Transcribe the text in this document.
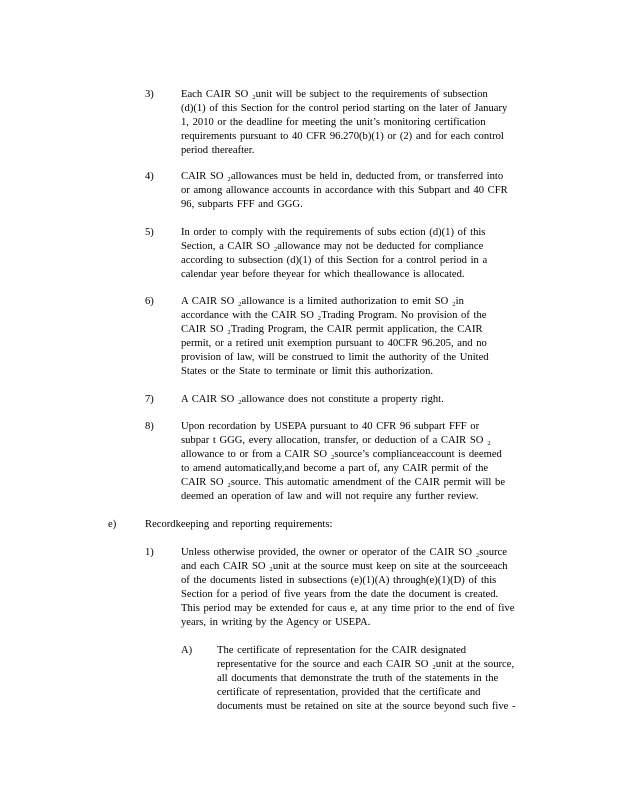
3)	Each CAIR SO ₂unit will be subject to the requirements of subsection
(d)(1) of this Section for the control period starting on the later of January
1, 2010 or the deadline for meeting the unit’s monitoring certification
requirements pursuant to 40 CFR 96.270(b)(1) or (2) and for each control
period thereafter.
4)	CAIR SO ₂allowances must be held in, deducted from, or transferred into
or among allowance accounts in accordance with this Subpart and 40 CFR
96, subparts FFF and GGG.
5)	In order to comply with the requirements of subs ection (d)(1) of this
Section, a CAIR SO ₂allowance may not be deducted for compliance
according to subsection (d)(1) of this Section for a control period in a
calendar year before theyear for which theallowance is allocated.
6)	A CAIR SO ₂allowance is a limited authorization to emit SO ₂in
accordance with the CAIR SO ₂Trading Program. No provision of the
CAIR SO ₂Trading Program, the CAIR permit application, the CAIR
permit, or a retired unit exemption pursuant to 40CFR 96.205, and no
provision of law, will be construed to limit the authority of the United
States or the State to terminate or limit this authorization.
7)	A CAIR SO ₂allowance does not constitute a property right.
8)	Upon recordation by USEPA pursuant to 40 CFR 96 subpart FFF or
subpar t GGG, every allocation, transfer, or deduction of a CAIR SO ₂
allowance to or from a CAIR SO ₂source’s complianceaccount is deemed
to amend automatically,and become a part of, any CAIR permit of the
CAIR SO ₂source. This automatic amendment of the CAIR permit will be
deemed an operation of law and will not require any further review.
e)	Recordkeeping and reporting requirements:
1)	Unless otherwise provided, the owner or operator of the CAIR SO ₂source
and each CAIR SO ₂unit at the source must keep on site at the sourceeach
of the documents listed in subsections (e)(1)(A) through(e)(1)(D) of this
Section for a period of five years from the date the document is created.
This period may be extended for caus e, at any time prior to the end of five
years, in writing by the Agency or USEPA.
A) The certificate of representation for the CAIR designated
representative for the source and each CAIR SO ₂unit at the source,
all documents that demonstrate the truth of the statements in the
certificate of representation, provided that the certificate and
documents must be retained on site at the source beyond such five -
